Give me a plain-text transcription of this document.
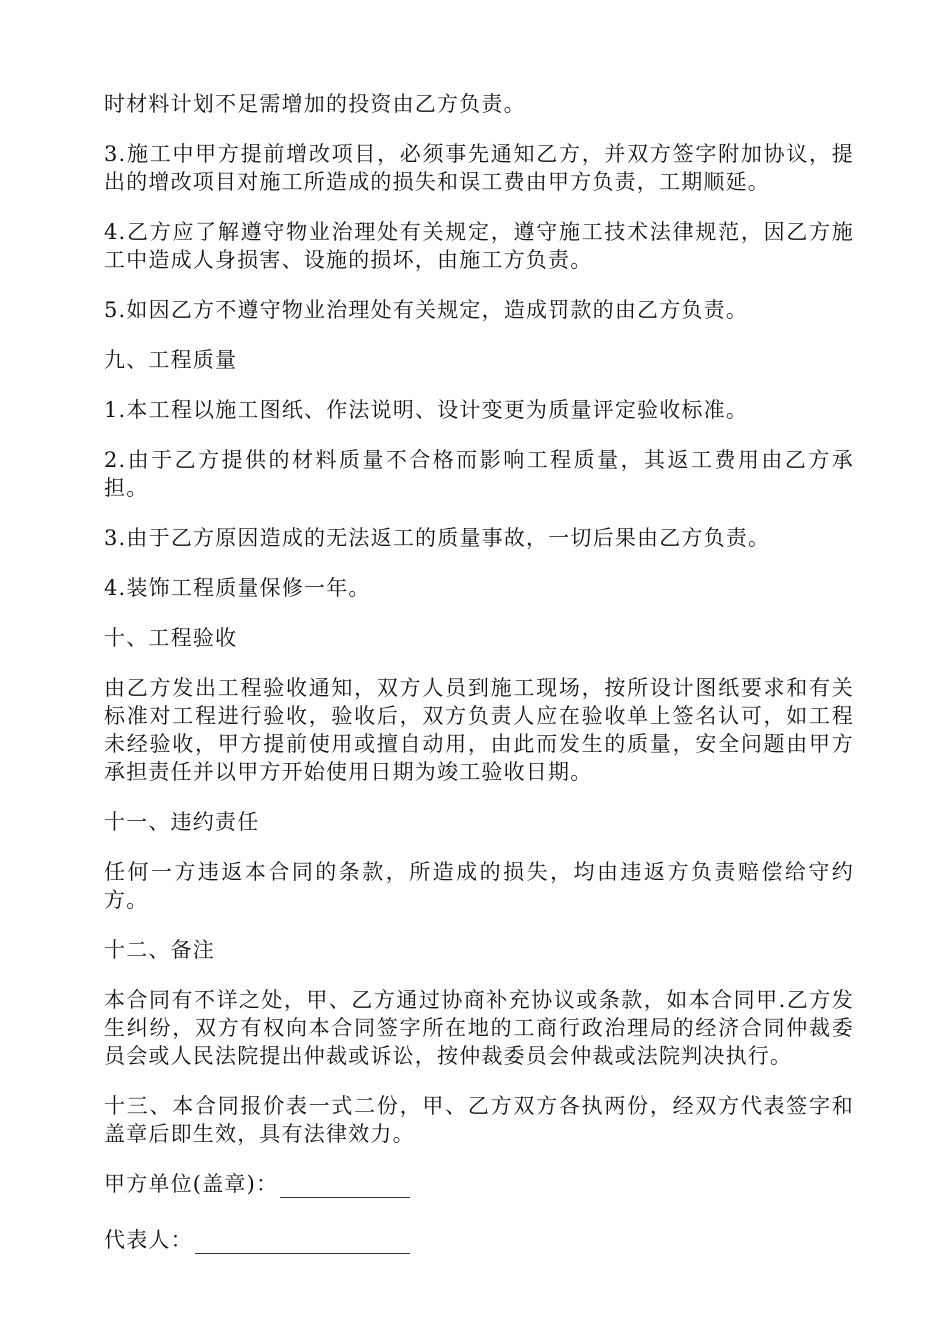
时材料计划不足需增加的投资由乙方负责。

3.施工中甲方提前增改项目，必须事先通知乙方，并双方签字附加协议，提出的增改项目对施工所造成的损失和误工费由甲方负责，工期顺延。

4.乙方应了解遵守物业治理处有关规定，遵守施工技术法律规范，因乙方施工中造成人身损害、设施的损坏，由施工方负责。

5.如因乙方不遵守物业治理处有关规定，造成罚款的由乙方负责。

九、工程质量

1.本工程以施工图纸、作法说明、设计变更为质量评定验收标准。

2.由于乙方提供的材料质量不合格而影响工程质量，其返工费用由乙方承担。

3.由于乙方原因造成的无法返工的质量事故，一切后果由乙方负责。

4.装饰工程质量保修一年。

十、工程验收

由乙方发出工程验收通知，双方人员到施工现场，按所设计图纸要求和有关标准对工程进行验收，验收后，双方负责人应在验收单上签名认可，如工程未经验收，甲方提前使用或擅自动用，由此而发生的质量，安全问题由甲方承担责任并以甲方开始使用日期为竣工验收日期。

十一、违约责任

任何一方违返本合同的条款，所造成的损失，均由违返方负责赔偿给守约方。

十二、备注

本合同有不详之处，甲、乙方通过协商补充协议或条款，如本合同甲.乙方发生纠纷，双方有权向本合同签字所在地的工商行政治理局的经济合同仲裁委员会或人民法院提出仲裁或诉讼，按仲裁委员会仲裁或法院判决执行。

十三、本合同报价表一式二份，甲、乙方双方各执两份，经双方代表签字和盖章后即生效，具有法律效力。

甲方单位(盖章)：
代表人：
